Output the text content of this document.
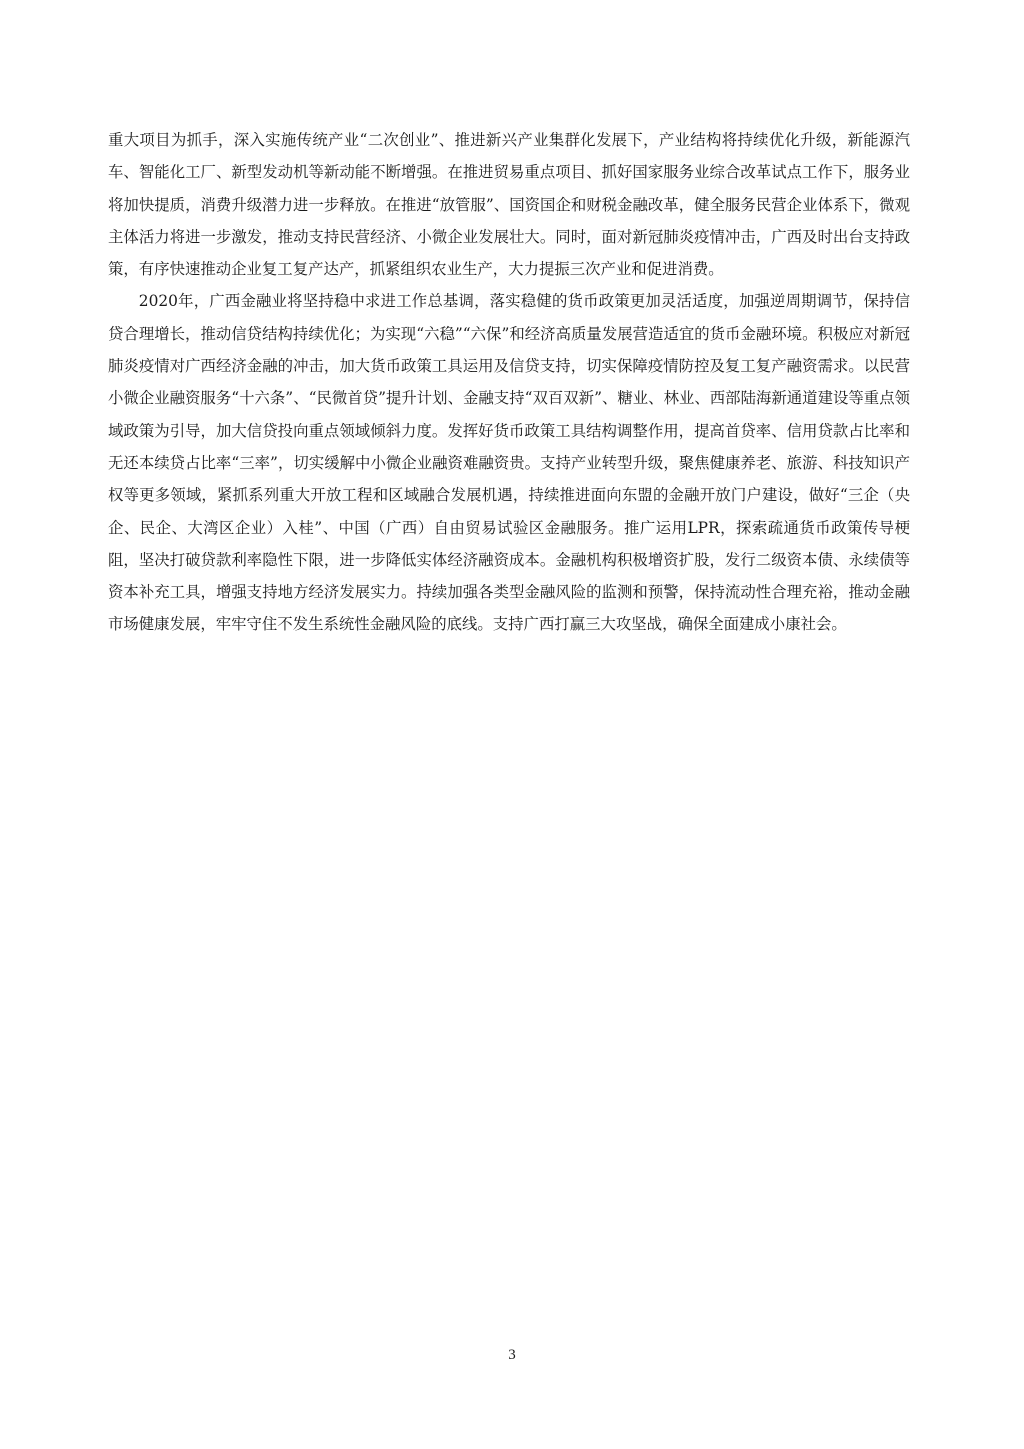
重大项目为抓手，深入实施传统产业“二次创业”、推进新兴产业集群化发展下，产业结构将持续优化升级，新能源汽车、智能化工厂、新型发动机等新动能不断增强。在推进贸易重点项目、抓好国家服务业综合改革试点工作下，服务业将加快提质，消费升级潜力进一步释放。在推进“放管服”、国资国企和财税金融改革，健全服务民营企业体系下，微观主体活力将进一步激发，推动支持民营经济、小微企业发展壮大。同时，面对新冠肺炎疫情冲击，广西及时出台支持政策，有序快速推动企业复工复产达产，抓紧组织农业生产，大力提振三次产业和促进消费。

2020年，广西金融业将坚持稳中求进工作总基调，落实稳健的货币政策更加灵活适度，加强逆周期调节，保持信贷合理增长，推动信贷结构持续优化；为实现“六稳”“六保”和经济高质量发展营造适宜的货币金融环境。积极应对新冠肺炎疫情对广西经济金融的冲击，加大货币政策工具运用及信贷支持，切实保障疫情防控及复工复产融资需求。以民营小微企业融资服务“十六条”、“民微首贷”提升计划、金融支持“双百双新”、糖业、林业、西部陆海新通道建设等重点领域政策为引导，加大信贷投向重点领域倾斜力度。发挥好货币政策工具结构调整作用，提高首贷率、信用贷款占比率和无还本续贷占比率“三率”，切实缓解中小微企业融资难融资贵。支持产业转型升级，聚焦健康养老、旅游、科技知识产权等更多领域，紧抓系列重大开放工程和区域融合发展机遇，持续推进面向东盟的金融开放门户建设，做好“三企（央企、民企、大湾区企业）入桂”、中国（广西）自由贸易试验区金融服务。推广运用LPR，探索疏通货币政策传导梗阻，坚决打破贷款利率隐性下限，进一步降低实体经济融资成本。金融机构积极增资扩股，发行二级资本债、永续债等资本补充工具，增强支持地方经济发展实力。持续加强各类型金融风险的监测和预警，保持流动性合理充裕，推动金融市场健康发展，牢牢守住不发生系统性金融风险的底线。支持广西打赢三大攻坚战，确保全面建成小康社会。

3
